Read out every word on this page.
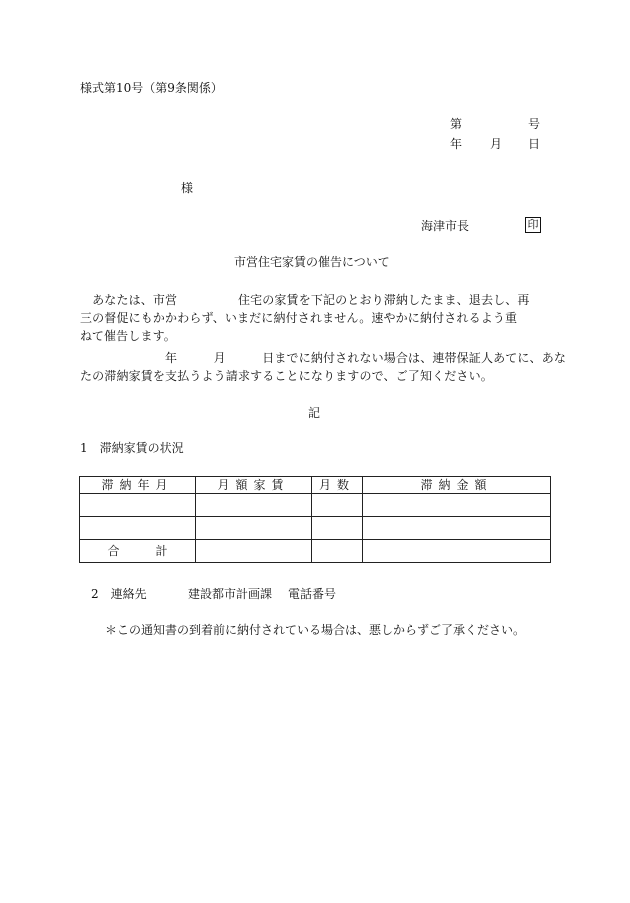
様式第10号（第9条関係）
第	号
年 月 日
様
海津市長	印
市営住宅家賃の催告について
　あなたは、市営　　　　　住宅の家賃を下記のとおり滞納したまま、退去し、再
三の督促にもかかわらず、いまだに納付されません。速やかに納付されるよう重
ねて催告します。
　　　　　　　年　　　月　　　日までに納付されない場合は、連帯保証人あてに、あな
たの滞納家賃を支払うよう請求することになりますので、ご了知ください。
記
1　滞納家賃の状況
滞納年月	月額家賃	月数	滞納金額

合　　　計			
2　連絡先	建設都市計画課 電話番号
＊この通知書の到着前に納付されている場合は、悪しからずご了承ください。
